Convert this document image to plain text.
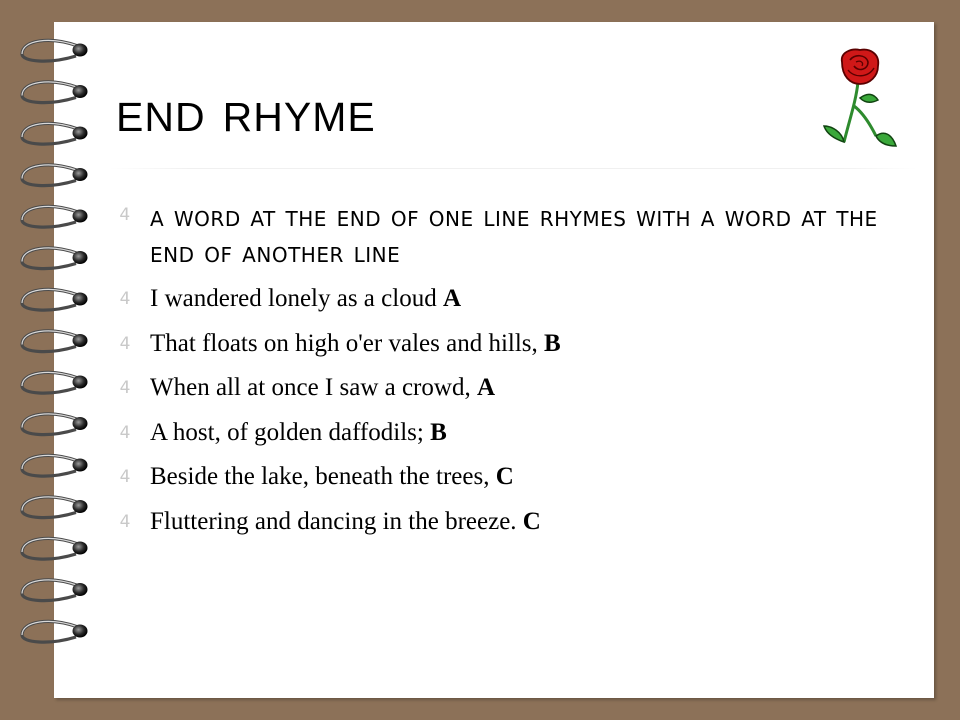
end rhyme
4 a word at the end of one line rhymes with a word at the end of another line
4 I wandered lonely as a cloud A
4 That floats on high o'er vales and hills, B
4 When all at once I saw a crowd, A
4 A host, of golden daffodils; B
4 Beside the lake, beneath the trees, C
4 Fluttering and dancing in the breeze. C
